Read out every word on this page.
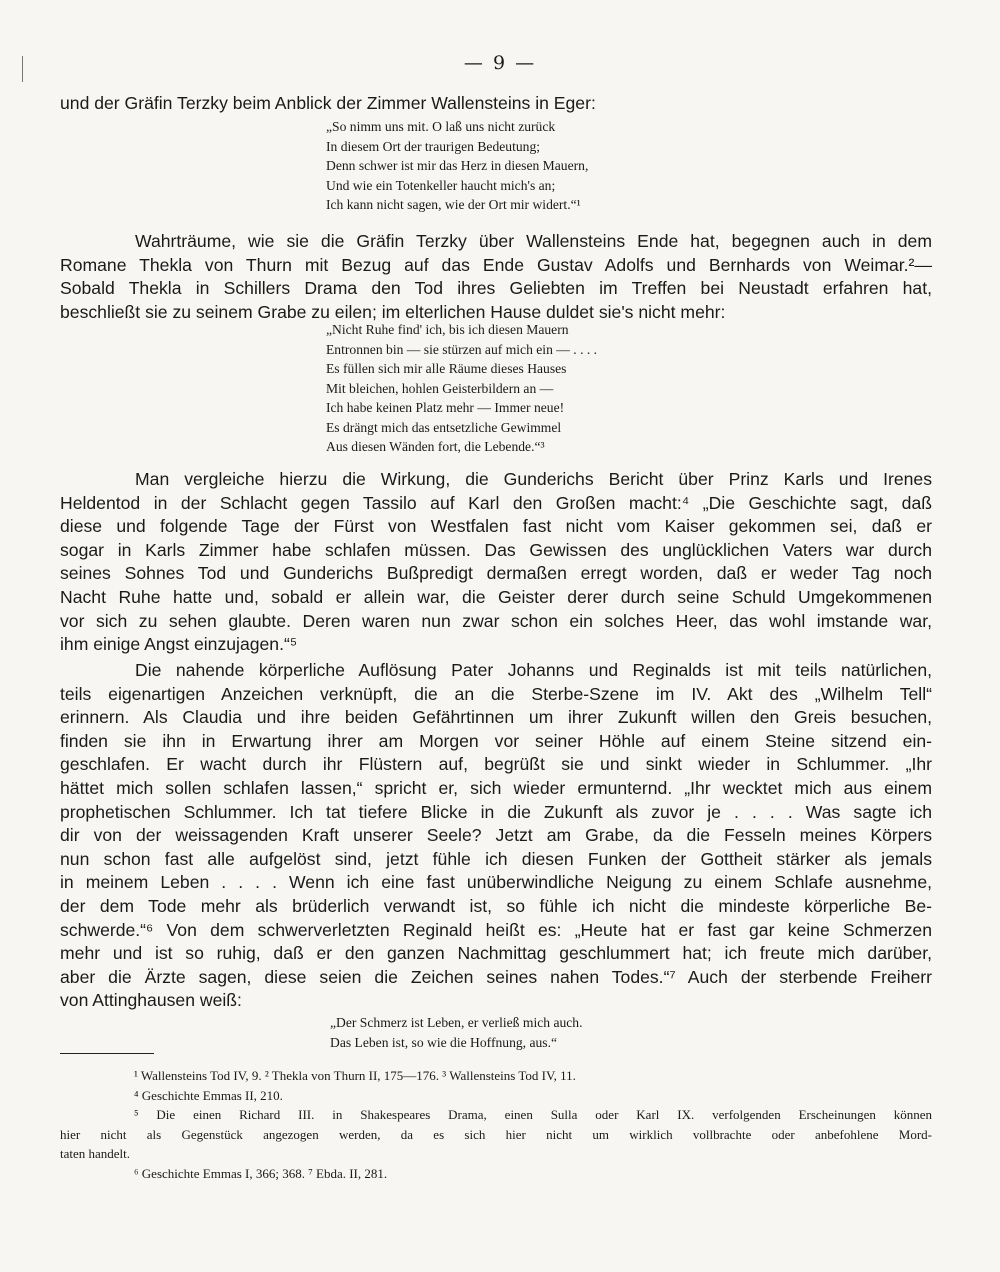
— 9 —
und der Gräfin Terzky beim Anblick der Zimmer Wallensteins in Eger:
„So nimm uns mit. O laß uns nicht zurück
In diesem Ort der traurigen Bedeutung;
Denn schwer ist mir das Herz in diesen Mauern,
Und wie ein Totenkeller haucht mich's an;
Ich kann nicht sagen, wie der Ort mir widert.“¹
Wahrträume, wie sie die Gräfin Terzky über Wallensteins Ende hat, begegnen auch in dem
Romane Thekla von Thurn mit Bezug auf das Ende Gustav Adolfs und Bernhards von Weimar.²—
Sobald Thekla in Schillers Drama den Tod ihres Geliebten im Treffen bei Neustadt erfahren hat,
beschließt sie zu seinem Grabe zu eilen; im elterlichen Hause duldet sie's nicht mehr:
„Nicht Ruhe find' ich, bis ich diesen Mauern
Entronnen bin — sie stürzen auf mich ein — . . . .
Es füllen sich mir alle Räume dieses Hauses
Mit bleichen, hohlen Geisterbildern an —
Ich habe keinen Platz mehr — Immer neue!
Es drängt mich das entsetzliche Gewimmel
Aus diesen Wänden fort, die Lebende.“³
Man vergleiche hierzu die Wirkung, die Gunderichs Bericht über Prinz Karls und Irenes
Heldentod in der Schlacht gegen Tassilo auf Karl den Großen macht:⁴ „Die Geschichte sagt, daß
diese und folgende Tage der Fürst von Westfalen fast nicht vom Kaiser gekommen sei, daß er
sogar in Karls Zimmer habe schlafen müssen. Das Gewissen des unglücklichen Vaters war durch
seines Sohnes Tod und Gunderichs Bußpredigt dermaßen erregt worden, daß er weder Tag noch
Nacht Ruhe hatte und, sobald er allein war, die Geister derer durch seine Schuld Umgekommenen
vor sich zu sehen glaubte. Deren waren nun zwar schon ein solches Heer, das wohl imstande war,
ihm einige Angst einzujagen.“⁵
Die nahende körperliche Auflösung Pater Johanns und Reginalds ist mit teils natürlichen,
teils eigenartigen Anzeichen verknüpft, die an die Sterbe-Szene im IV. Akt des „Wilhelm Tell“
erinnern. Als Claudia und ihre beiden Gefährtinnen um ihrer Zukunft willen den Greis besuchen,
finden sie ihn in Erwartung ihrer am Morgen vor seiner Höhle auf einem Steine sitzend ein-
geschlafen. Er wacht durch ihr Flüstern auf, begrüßt sie und sinkt wieder in Schlummer. „Ihr
hättet mich sollen schlafen lassen,“ spricht er, sich wieder ermunternd. „Ihr wecktet mich aus einem
prophetischen Schlummer. Ich tat tiefere Blicke in die Zukunft als zuvor je . . . . Was sagte ich
dir von der weissagenden Kraft unserer Seele? Jetzt am Grabe, da die Fesseln meines Körpers
nun schon fast alle aufgelöst sind, jetzt fühle ich diesen Funken der Gottheit stärker als jemals
in meinem Leben . . . . Wenn ich eine fast unüberwindliche Neigung zu einem Schlafe ausnehme,
der dem Tode mehr als brüderlich verwandt ist, so fühle ich nicht die mindeste körperliche Be-
schwerde.“⁶ Von dem schwerverletzten Reginald heißt es: „Heute hat er fast gar keine Schmerzen
mehr und ist so ruhig, daß er den ganzen Nachmittag geschlummert hat; ich freute mich darüber,
aber die Ärzte sagen, diese seien die Zeichen seines nahen Todes.“⁷ Auch der sterbende Freiherr
von Attinghausen weiß:
„Der Schmerz ist Leben, er verließ mich auch.
Das Leben ist, so wie die Hoffnung, aus.“
¹ Wallensteins Tod IV, 9. ² Thekla von Thurn II, 175—176. ³ Wallensteins Tod IV, 11.
⁴ Geschichte Emmas II, 210.
⁵ Die einen Richard III. in Shakespeares Drama, einen Sulla oder Karl IX. verfolgenden Erscheinungen können
hier nicht als Gegenstück angezogen werden, da es sich hier nicht um wirklich vollbrachte oder anbefohlene Mord-
taten handelt.
⁶ Geschichte Emmas I, 366; 368. ⁷ Ebda. II, 281.
